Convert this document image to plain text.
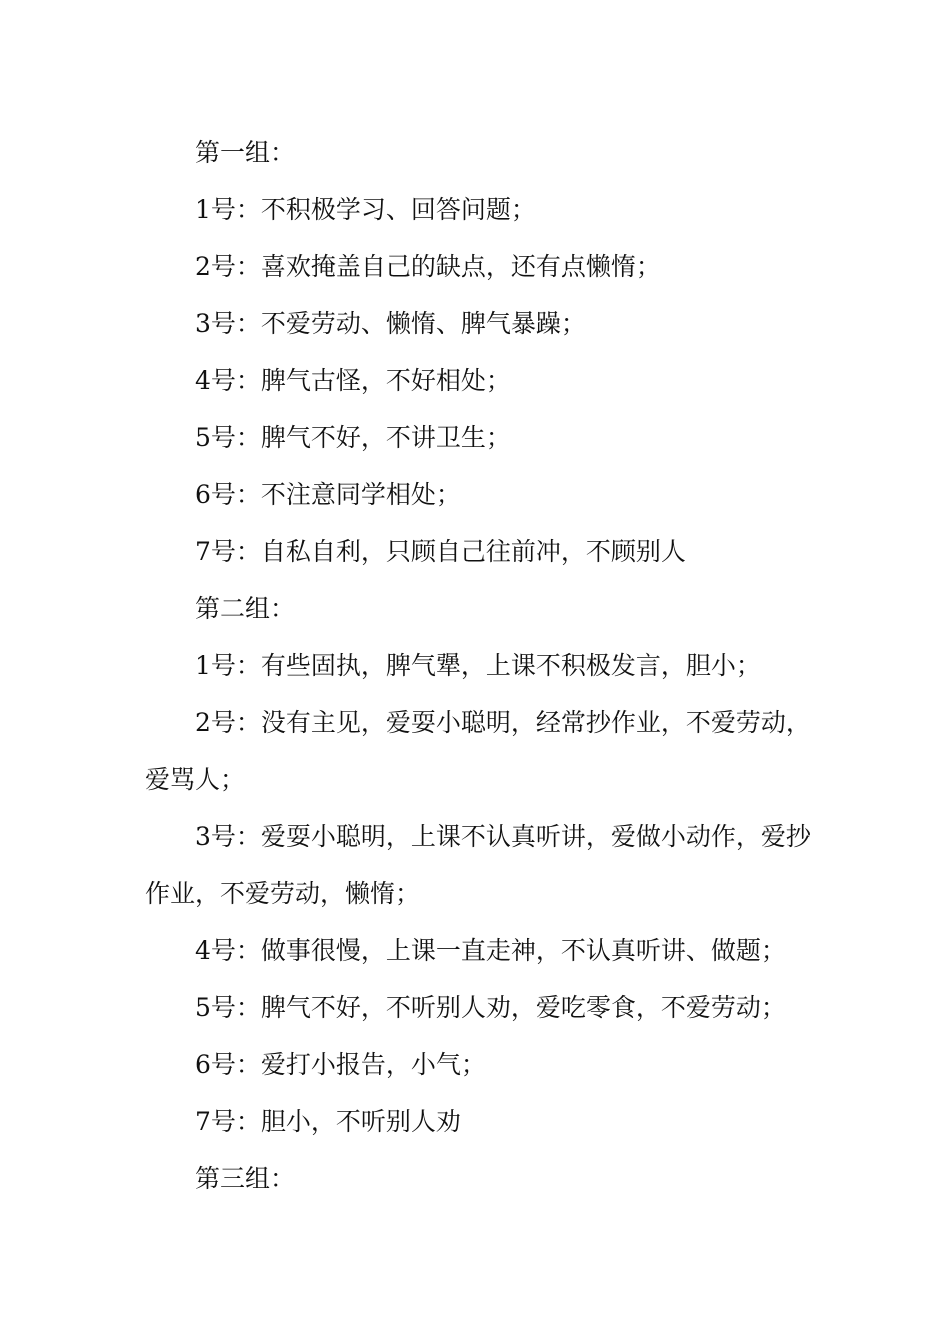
第一组：

1号：不积极学习、回答问题；

2号：喜欢掩盖自己的缺点，还有点懒惰；

3号：不爱劳动、懒惰、脾气暴躁；

4号：脾气古怪，不好相处；

5号：脾气不好，不讲卫生；

6号：不注意同学相处；

7号：自私自利，只顾自己往前冲，不顾别人

第二组：

1号：有些固执，脾气犟，上课不积极发言，胆小；

2号：没有主见，爱耍小聪明，经常抄作业，不爱劳动，爱骂人；

3号：爱耍小聪明，上课不认真听讲，爱做小动作，爱抄作业，不爱劳动，懒惰；

4号：做事很慢，上课一直走神，不认真听讲、做题；

5号：脾气不好，不听别人劝，爱吃零食，不爱劳动；

6号：爱打小报告，小气；

7号：胆小，不听别人劝

第三组：
